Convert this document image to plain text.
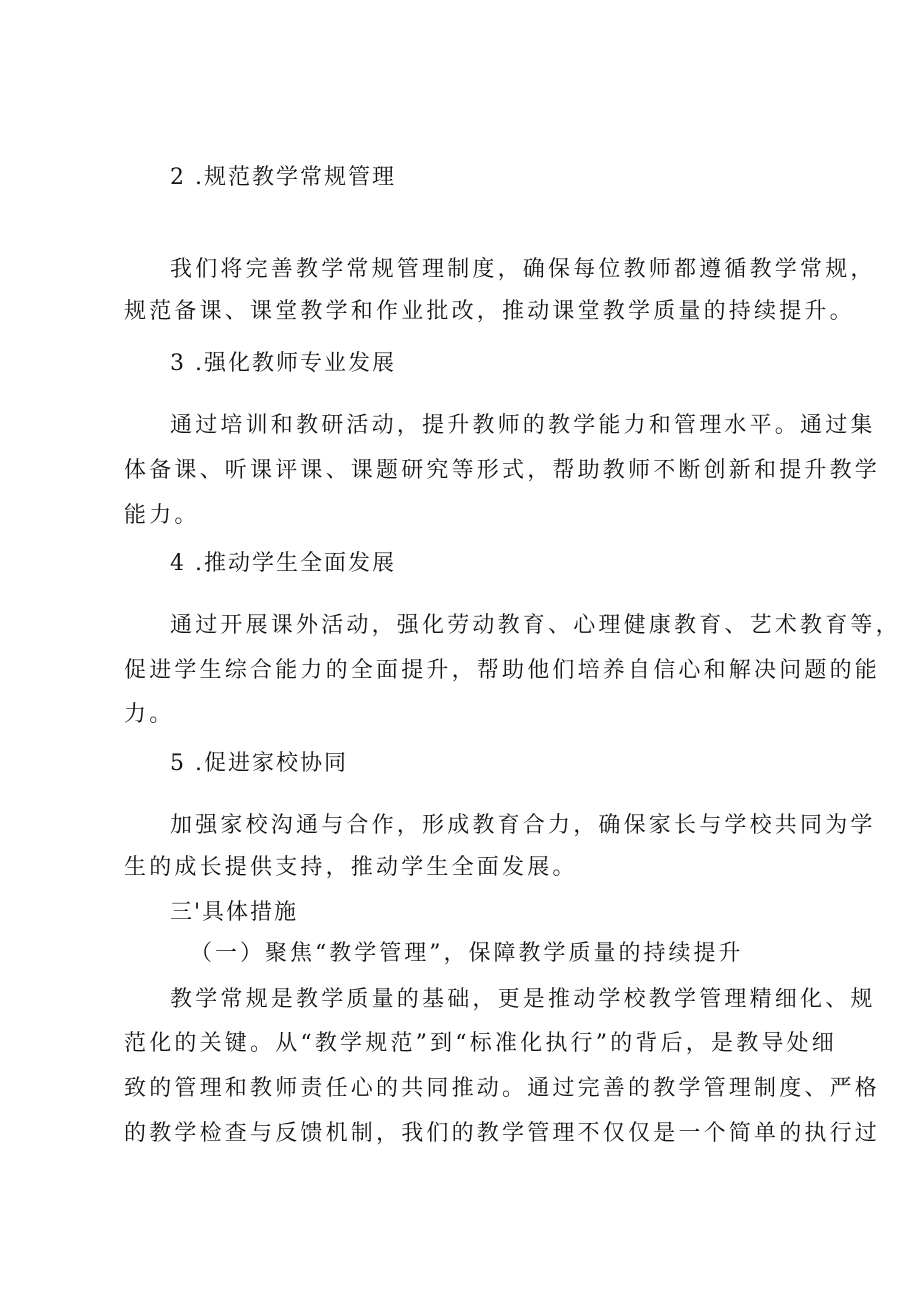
2 .规范教学常规管理
我们将完善教学常规管理制度，确保每位教师都遵循教学常规，
规范备课、课堂教学和作业批改，推动课堂教学质量的持续提升。
3 .强化教师专业发展
通过培训和教研活动，提升教师的教学能力和管理水平。通过集
体备课、听课评课、课题研究等形式，帮助教师不断创新和提升教学
能力。
4 .推动学生全面发展
通过开展课外活动，强化劳动教育、心理健康教育、艺术教育等，
促进学生综合能力的全面提升，帮助他们培养自信心和解决问题的能
力。
5 .促进家校协同
加强家校沟通与合作，形成教育合力，确保家长与学校共同为学
生的成长提供支持，推动学生全面发展。
三'具体措施
（一）聚焦“教学管理”，保障教学质量的持续提升
教学常规是教学质量的基础，更是推动学校教学管理精细化、规
范化的关键。从“教学规范”到“标准化执行”的背后，是教导处细
致的管理和教师责任心的共同推动。通过完善的教学管理制度、严格
的教学检查与反馈机制，我们的教学管理不仅仅是一个简单的执行过
